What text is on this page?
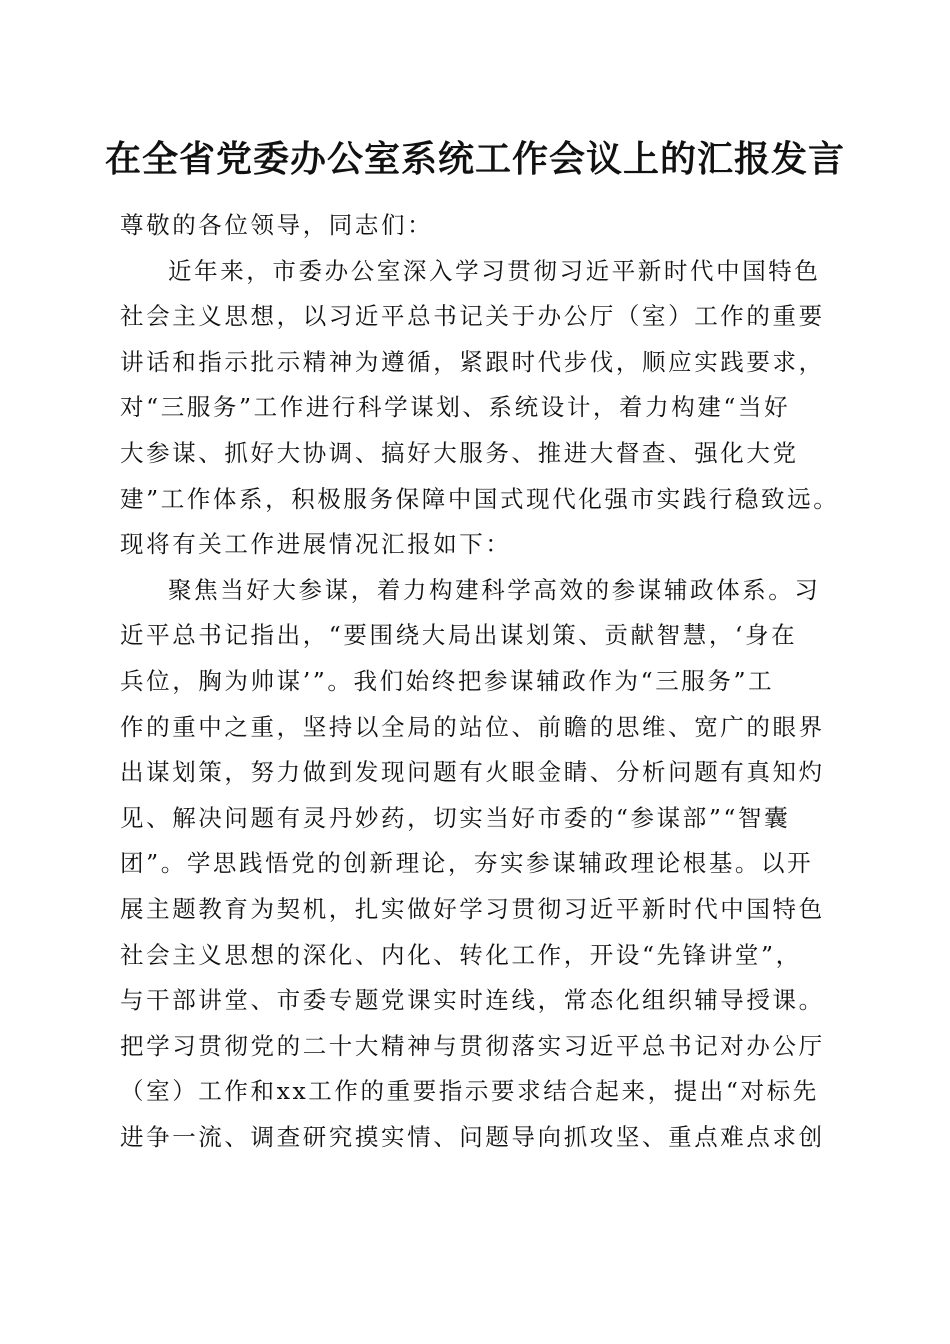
在全省党委办公室系统工作会议上的汇报发言
尊敬的各位领导，同志们：
近年来，市委办公室深入学习贯彻习近平新时代中国特色
社会主义思想，以习近平总书记关于办公厅（室）工作的重要
讲话和指示批示精神为遵循，紧跟时代步伐，顺应实践要求，
对“三服务”工作进行科学谋划、系统设计，着力构建“当好
大参谋、抓好大协调、搞好大服务、推进大督查、强化大党
建”工作体系，积极服务保障中国式现代化强市实践行稳致远。
现将有关工作进展情况汇报如下：
聚焦当好大参谋，着力构建科学高效的参谋辅政体系。习
近平总书记指出，“要围绕大局出谋划策、贡献智慧，‘身在
兵位，胸为帅谋’”。我们始终把参谋辅政作为“三服务”工
作的重中之重，坚持以全局的站位、前瞻的思维、宽广的眼界
出谋划策，努力做到发现问题有火眼金睛、分析问题有真知灼
见、解决问题有灵丹妙药，切实当好市委的“参谋部”“智囊
团”。学思践悟党的创新理论，夯实参谋辅政理论根基。以开
展主题教育为契机，扎实做好学习贯彻习近平新时代中国特色
社会主义思想的深化、内化、转化工作，开设“先锋讲堂”，
与干部讲堂、市委专题党课实时连线，常态化组织辅导授课。
把学习贯彻党的二十大精神与贯彻落实习近平总书记对办公厅
（室）工作和xx工作的重要指示要求结合起来，提出“对标先
进争一流、调查研究摸实情、问题导向抓攻坚、重点难点求创
